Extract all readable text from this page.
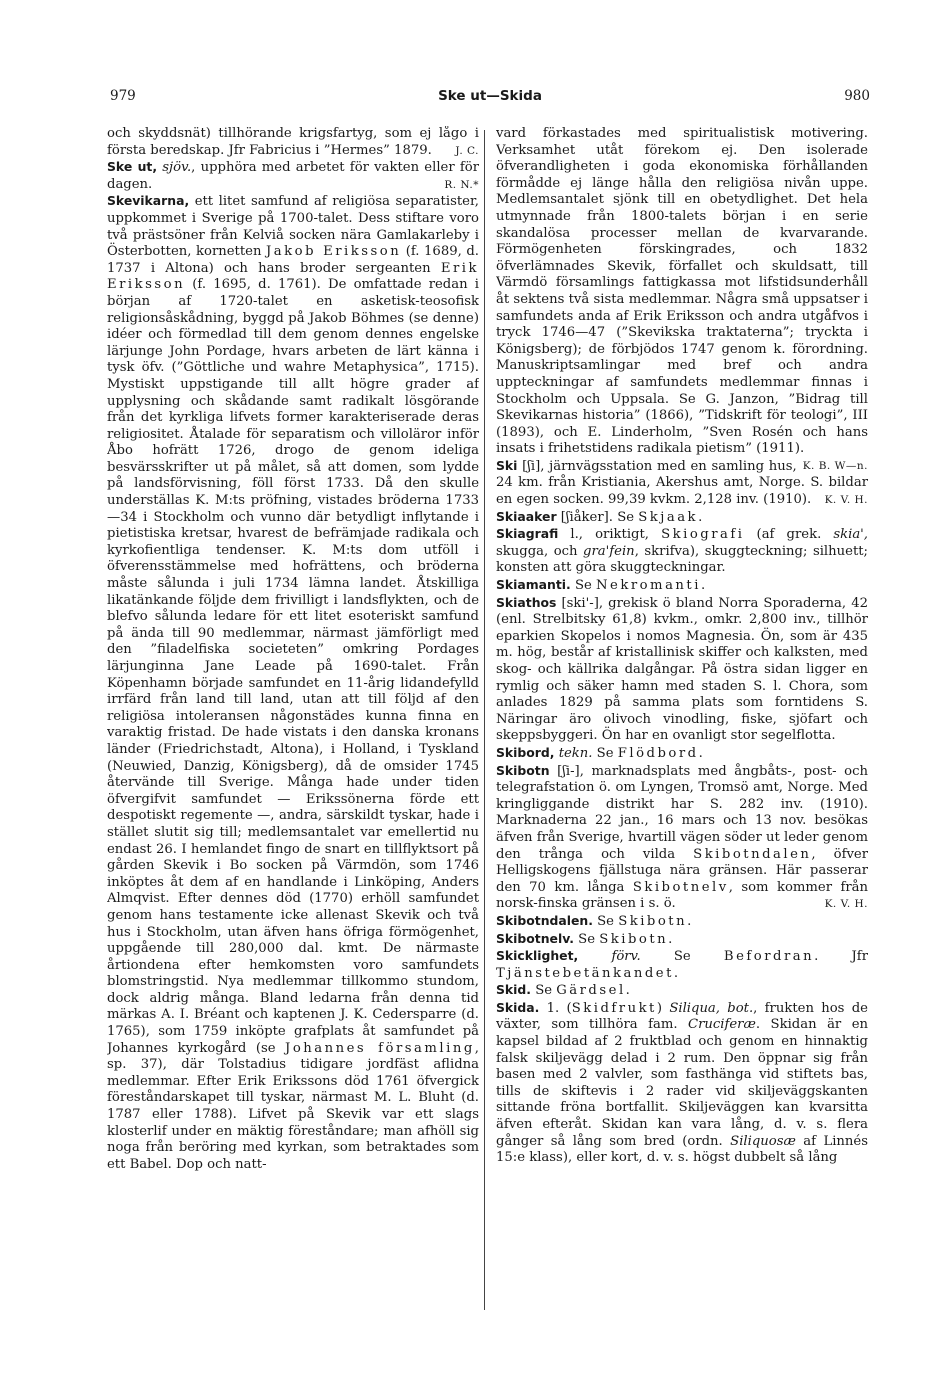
979	Ske ut—Skida	980

och skyddsnät) tillhörande krigsfartyg, som ej lågo i första beredskap. Jfr Fabricius i ”Hermes” 1879. J. C.

Ske ut, sjöv., upphöra med arbetet för vakten eller för dagen.	R. N.*

Skevikarna, ett litet samfund af religiösa separatister, uppkommet i Sverige på 1700-talet. Dess stiftare voro två prästsöner från Kelviå socken nära Gamlakarleby i Österbotten, kornetten Jakob Eriksson (f. 1689, d. 1737 i Altona) och hans broder sergeanten Erik Eriksson (f. 1695, d. 1761). De omfattade redan i början af 1720-talet en asketisk-teosofisk religionsåskådning, byggd på Jakob Böhmes (se denne) idéer och förmedlad till dem genom dennes engelske lärjunge John Pordage, hvars arbeten de lärt känna i tysk öfv. (”Göttliche und wahre Metaphysica”, 1715). Mystiskt uppstigande till allt högre grader af upplysning och skådande samt radikalt lösgörande från det kyrkliga lifvets former karakteriserade deras religiositet. Åtalade för separatism och villoläror inför Åbo hofrätt 1726, drogo de genom ideliga besvärsskrifter ut på målet, så att domen, som lydde på landsförvisning, föll först 1733. Då den skulle underställas K. M:ts pröfning, vistades bröderna 1733—34 i Stockholm och vunno där betydligt inflytande i pietistiska kretsar, hvarest de befrämjade radikala och kyrkofientliga tendenser. K. M:ts dom utföll i öfverensstämmelse med hofrättens, och bröderna måste sålunda i juli 1734 lämna landet. Åtskilliga likatänkande följde dem frivilligt i landsflykten, och de blefvo sålunda ledare för ett litet esoteriskt samfund på ända till 90 medlemmar, närmast jämförligt med den ”filadelfiska societeten” omkring Pordages lärjunginna Jane Leade på 1690-talet. Från Köpenhamn började samfundet en 11-årig lidandefylld irrfärd från land till land, utan att till följd af den religiösa intoleransen någonstädes kunna finna en varaktig fristad. De hade vistats i den danska kronans länder (Friedrichstadt, Altona), i Holland, i Tyskland (Neuwied, Danzig, Königsberg), då de omsider 1745 återvände till Sverige. Många hade under tiden öfvergifvit samfundet — Erikssönerna förde ett despotiskt regemente —, andra, särskildt tyskar, hade i stället slutit sig till; medlemsantalet var emellertid nu endast 26. I hemlandet fingo de snart en tillflyktsort på gården Skevik i Bo socken på Värmdön, som 1746 inköptes åt dem af en handlande i Linköping, Anders Almqvist. Efter dennes död (1770) erhöll samfundet genom hans testamente icke allenast Skevik och två hus i Stockholm, utan äfven hans öfriga förmögenhet, uppgående till 280,000 dal. kmt. De närmaste årtiondena efter hemkomsten voro samfundets blomstringstid. Nya medlemmar tillkommo stundom, dock aldrig många. Bland ledarna från denna tid märkas A. I. Bréant och kaptenen J. K. Cedersparre (d. 1765), som 1759 inköpte grafplats åt samfundet på Johannes kyrkogård (se Johannes församling, sp. 37), där Tolstadius tidigare jordfäst aflidna medlemmar. Efter Erik Erikssons död 1761 öfvergick föreståndarskapet till tyskar, närmast M. L. Bluht (d. 1787 eller 1788). Lifvet på Skevik var ett slags klosterlif under en mäktig föreståndare; man afhöll sig noga från beröring med kyrkan, som betraktades som ett Babel. Dop och natt-

vard förkastades med spiritualistisk motivering. Verksamhet utåt förekom ej. Den isolerade öfverandligheten i goda ekonomiska förhållanden förmådde ej länge hålla den religiösa nivån uppe. Medlemsantalet sjönk till en obetydlighet. Det hela utmynnade från 1800-talets början i en serie skandalösa processer mellan de kvarvarande. Förmögenheten förskingrades, och 1832 öfverlämnades Skevik, förfallet och skuldsatt, till Värmdö församlings fattigkassa mot lifstidsunderhåll åt sektens två sista medlemmar. Några små uppsatser i samfundets anda af Erik Eriksson och andra utgåfvos i tryck 1746—47 (”Skevikska traktaterna”; tryckta i Königsberg); de förbjödos 1747 genom k. förordning. Manuskriptsamlingar med bref och andra uppteckningar af samfundets medlemmar finnas i Stockholm och Uppsala. Se G. Janzon, ”Bidrag till Skevikarnas historia” (1866), ”Tidskrift för teologi”, III (1893), och E. Linderholm, ”Sven Rosén och hans insats i frihetstidens radikala pietism” (1911).
K. B. W—n.

Ski [ʃi], järnvägsstation med en samling hus, 24 km. från Kristiania, Akershus amt, Norge. S. bildar en egen socken. 99,39 kvkm. 2,128 inv. (1910). K. V. H.

Skiaaker [ʃiåker]. Se Skjaak.

Skiagrafi l., oriktigt, Skiografi (af grek. skia', skugga, och gra'fein, skrifva), skuggteckning; silhuett; konsten att göra skuggteckningar.

Skiamanti. Se Nekromanti.

Skiathos [ski'-], grekisk ö bland Norra Sporaderna, 42 (enl. Strelbitsky 61,8) kvkm., omkr. 2,800 inv., tillhör eparkien Skopelos i nomos Magnesia. Ön, som är 435 m. hög, består af kristallinisk skiffer och kalksten, med skog- och källrika dalgångar. På östra sidan ligger en rymlig och säker hamn med staden S. l. Chora, som anlades 1829 på samma plats som forntidens S. Näringar äro olivoch vinodling, fiske, sjöfart och skeppsbyggeri. Ön har en ovanligt stor segelflotta.

Skibord, tekn. Se Flödbord.

Skibotn [ʃi-], marknadsplats med ångbåts-, post- och telegrafstation ö. om Lyngen, Tromsö amt, Norge. Med kringliggande distrikt har S. 282 inv. (1910). Marknaderna 22 jan., 16 mars och 13 nov. besökas äfven från Sverige, hvartill vägen söder ut leder genom den trånga och vilda Skibotndalen, öfver Helligskogens fjällstuga nära gränsen. Här passerar den 70 km. långa Skibotnelv, som kommer från norsk-finska gränsen i s. ö.	K. V. H.

Skibotndalen. Se Skibotn.

Skibotnelv. Se Skibotn.

Skicklighet,	förv. Se Befordran. Jfr Tjänstebetänkandet.

Skid. Se Gärdsel.

Skida. 1. (Skidfrukt) Siliqua, bot., frukten hos de växter, som tillhöra fam. Cruciferæ. Skidan är en kapsel bildad af 2 fruktblad och genom en hinnaktig falsk skiljevägg delad i 2 rum. Den öppnar sig från basen med 2 valvler, som fasthänga vid stiftets bas, tills de skiftevis i 2 rader vid skiljeväggskanten sittande fröna bortfallit. Skiljeväggen kan kvarsitta äfven efteråt. Skidan kan vara lång, d. v. s. flera gånger så lång som bred (ordn. Siliquosæ af Linnés 15:e klass), eller kort, d. v. s. högst dubbelt så lång
